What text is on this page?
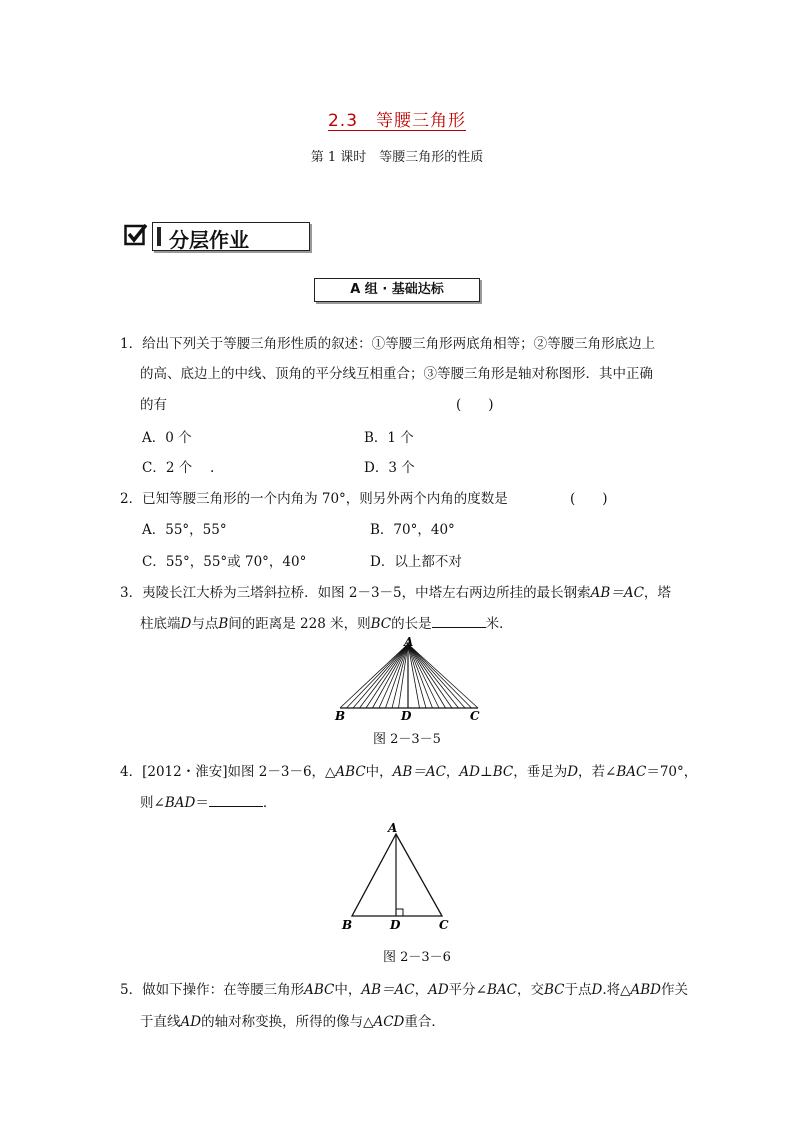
2.3　等腰三角形
第 1 课时　等腰三角形的性质
分层作业
A 组 · 基础达标
1．给出下列关于等腰三角形性质的叙述：①等腰三角形两底角相等；②等腰三角形底边上
的高、底边上的中线、顶角的平分线互相重合；③等腰三角形是轴对称图形．其中正确
的有	(　　)
A．0 个	B．1 个
C．2 个　 .	D．3 个
2．已知等腰三角形的一个内角为 70°，则另外两个内角的度数是	(　　)
A．55°，55°	B．70°，40°
C．55°，55°或 70°，40°	D．以上都不对
3．夷陵长江大桥为三塔斜拉桥．如图 2－3－5，中塔左右两边所挂的最长钢索AB＝AC，塔
柱底端D与点B间的距离是 228 米，则BC的长是	米．
A
B	D	C
图 2－3－5
4．[2012・淮安]如图 2－3－6，△ABC中，AB＝AC，AD⊥BC，垂足为D，若∠BAC＝70°，
则∠BAD＝	．
A
B	D	C
图 2－3－6
5．做如下操作：在等腰三角形ABC中，AB＝AC，AD平分∠BAC，交BC于点D.将△ABD作关
于直线AD的轴对称变换，所得的像与△ACD重合．
